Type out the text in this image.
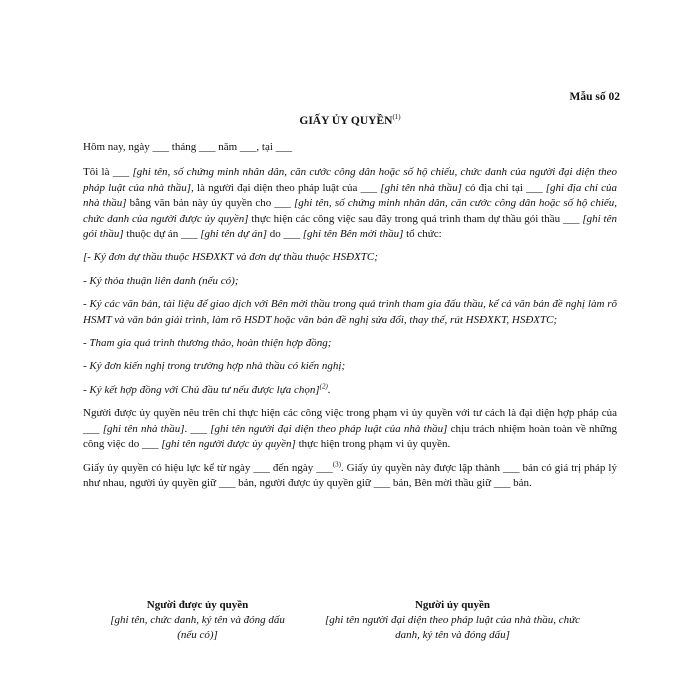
Mẫu số 02
GIẤY ỦY QUYỀN$^{(1)}$

Hôm nay, ngày ___ tháng ___ năm ___, tại ___

Tôi là ___ [ghi tên, số chứng minh nhân dân, căn cước công dân hoặc số hộ chiếu, chức danh của người đại diện theo pháp luật của nhà thầu], là người đại diện theo pháp luật của ___ [ghi tên nhà thầu] có địa chỉ tại ___ [ghi địa chỉ của nhà thầu] bằng văn bản này ủy quyền cho ___ [ghi tên, số chứng minh nhân dân, căn cước công dân hoặc số hộ chiếu, chức danh của người được ủy quyền] thực hiện các công việc sau đây trong quá trình tham dự thầu gói thầu ___ [ghi tên gói thầu] thuộc dự án ___ [ghi tên dự án] do ___ [ghi tên Bên mời thầu] tổ chức:

[- Ký đơn dự thầu thuộc HSĐXKT và đơn dự thầu thuộc HSĐXTC;

- Ký thỏa thuận liên danh (nếu có);

- Ký các văn bản, tài liệu để giao dịch với Bên mời thầu trong quá trình tham gia đấu thầu, kể cả văn bản đề nghị làm rõ HSMT và văn bản giải trình, làm rõ HSDT hoặc văn bản đề nghị sửa đổi, thay thế, rút HSĐXKT, HSĐXTC;

- Tham gia quá trình thương thảo, hoàn thiện hợp đồng;

- Ký đơn kiến nghị trong trường hợp nhà thầu có kiến nghị;

- Ký kết hợp đồng với Chủ đầu tư nếu được lựa chọn]$^{(2)}$.

Người được ủy quyền nêu trên chỉ thực hiện các công việc trong phạm vi ủy quyền với tư cách là đại diện hợp pháp của ___ [ghi tên nhà thầu]. ___ [ghi tên người đại diện theo pháp luật của nhà thầu] chịu trách nhiệm hoàn toàn về những công việc do ___ [ghi tên người được ủy quyền] thực hiện trong phạm vi ủy quyền.

Giấy ủy quyền có hiệu lực kể từ ngày ___ đến ngày ___$^{(3)}$. Giấy ủy quyền này được lập thành ___ bản có giá trị pháp lý như nhau, người ủy quyền giữ ___ bản, người được ủy quyền giữ ___ bản, Bên mời thầu giữ ___ bản.

Người được ủy quyền
[ghi tên, chức danh, ký tên và đóng dấu (nếu có)]
Người ủy quyền
[ghi tên người đại diện theo pháp luật của nhà thầu, chức danh, ký tên và đóng dấu]
